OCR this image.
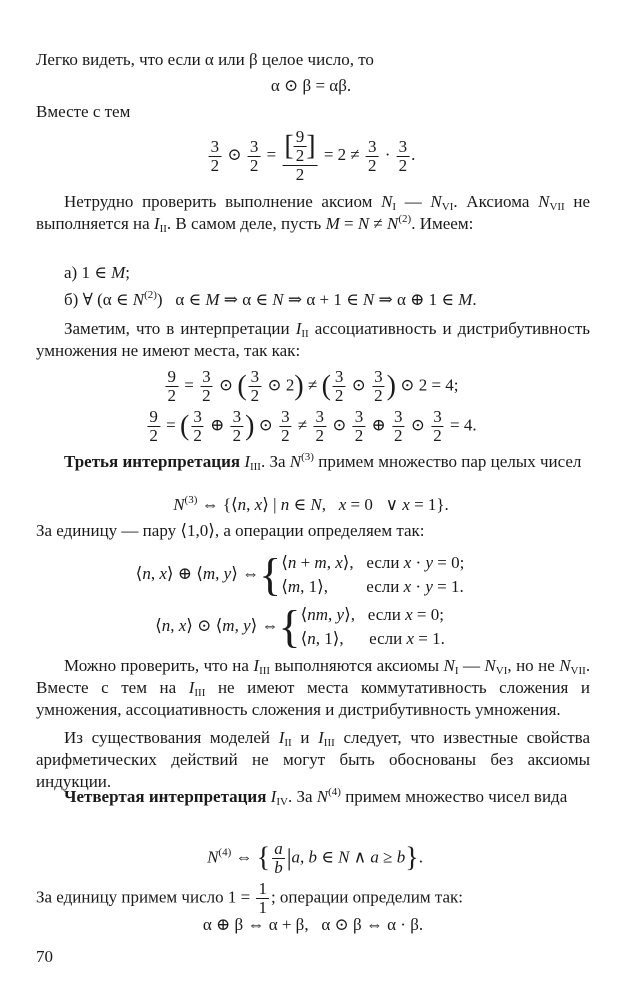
Легко видеть, что если α или β целое число, то
α ⊙ β = αβ.
Вместе с тем
$\frac{3}{2}$ ⊙ $\frac{3}{2} = \frac{[ \frac{9}{2} ]}{2} = 2 \ne \frac{3}{2} \cdot \frac{3}{2}$ .
Нетрудно проверить выполнение аксиом $N_I$ — $N_{VI}$. Аксиома $N_{VII}$ не выполняется на $I_{II}$. В самом деле, пусть $M = N \ne N^{(2)}$. Имеем:
а) 1 ∈ M;
б) ∀ (α ∈ $N^{(2)}$)   α ∈ M ⇒ α ∈ N ⇒ α + 1 ∈ N ⇒ α ⊕ 1 ∈ M.
Заметим, что в интерпретации $I_{II}$ ассоциативность и дистрибутивность умножения не имеют места, так как:
$\frac{9}{2} = \frac{3}{2}$ ⊙ ( $\frac{3}{2}$ ⊙ 2) ≠ ( $\frac{3}{2}$ ⊙ $\frac{3}{2}$ ) ⊙ 2 = 4;
$\frac{9}{2}$ = ( $\frac{3}{2}$ ⊕ $\frac{3}{2}$ ) ⊙ $\frac{3}{2} \ne \frac{3}{2}$ ⊙ $\frac{3}{2}$ ⊕ $\frac{3}{2}$ ⊙ $\frac{3}{2} = 4$.
Третья интерпретация $I_{III}$. За $N^{(3)}$ примем множество пар целых чисел
$N^{(3)}$ ⇔ {⟨n, x⟩ | n ∈ N,   x = 0   ∨ x = 1}.
За единицу — пару ⟨1,0⟩, а операции определяем так:
⟨n, x⟩ ⊕ ⟨m, y⟩ ⇔{⟨n + m, x⟩,   если x · y = 0;
⟨m, 1⟩,         если x · y = 1.
⟨n, x⟩ ⊙ ⟨m, y⟩ ⇔{⟨nm, y⟩,   если x = 0;
⟨n, 1⟩,      если x = 1.
Можно проверить, что на $I_{III}$ выполняются аксиомы $N_I$ — $N_{VI}$, но не $N_{VII}$. Вместе с тем на $I_{III}$ не имеют места коммутативность сложения и умножения, ассоциативность сложения и дистрибутивность умножения.
Из существования моделей $I_{II}$ и $I_{III}$ следует, что известные свойства арифметических действий не могут быть обоснованы без аксиомы индукции.
Четвертая интерпретация $I_{IV}$. За $N^{(4)}$ примем множество чисел вида
$N^{(4)}$ ⇔ { $\frac{a}{b} |a$, b ∈ N ∧ a ≥ b}.
За единицу примем число $1 = \frac{1}{1}$ ; операции определим так:
α ⊕ β ⇔ α + β,   α ⊙ β ⇔ α · β.
70
